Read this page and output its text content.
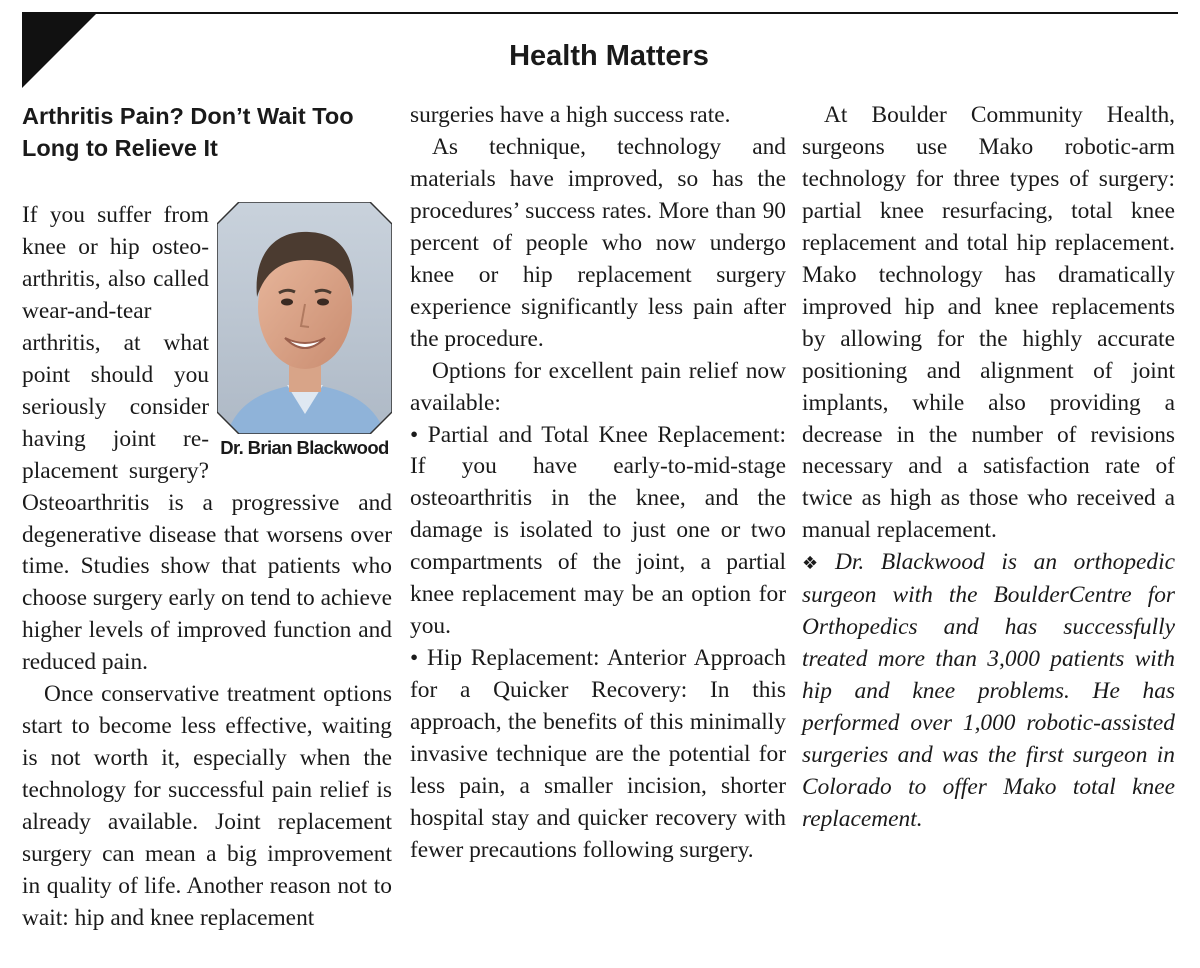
Health Matters
Arthritis Pain? Don’t Wait Too Long to Relieve It
Dr. Brian Blackwood

If you suffer from knee or hip osteoarthritis, also called wear-and-tear arthritis, at what point should you seriously consider having joint replacement surgery? Osteoarthritis is a progressive and degenerative disease that worsens over time. Studies show that patients who choose surgery early on tend to achieve higher levels of improved function and reduced pain.

Once conservative treatment options start to become less effective, waiting is not worth it, especially when the technology for successful pain relief is already available. Joint replacement surgery can mean a big improvement in quality of life. Another reason not to wait: hip and knee replacement

surgeries have a high success rate.

As technique, technology and materials have improved, so has the procedures’ success rates. More than 90 percent of people who now undergo knee or hip replacement surgery experience significantly less pain after the procedure.

Options for excellent pain relief now available:

• Partial and Total Knee Replacement: If you have early-to-mid-stage osteoarthritis in the knee, and the damage is isolated to just one or two compartments of the joint, a partial knee replacement may be an option for you.

• Hip Replacement: Anterior Approach for a Quicker Recovery: In this approach, the benefits of this minimally invasive technique are the potential for less pain, a smaller incision, shorter hospital stay and quicker recovery with fewer precautions following surgery.

At Boulder Community Health, surgeons use Mako robotic-arm technology for three types of surgery: partial knee resurfacing, total knee replacement and total hip replacement. Mako technology has dramatically improved hip and knee replacements by allowing for the highly accurate positioning and alignment of joint implants, while also providing a decrease in the number of revisions necessary and a satisfaction rate of twice as high as those who received a manual replacement.

❖ Dr. Blackwood is an orthopedic surgeon with the BoulderCentre for Orthopedics and has successfully treated more than 3,000 patients with hip and knee problems. He has performed over 1,000 robotic-assisted surgeries and was the first surgeon in Colorado to offer Mako total knee replacement.
